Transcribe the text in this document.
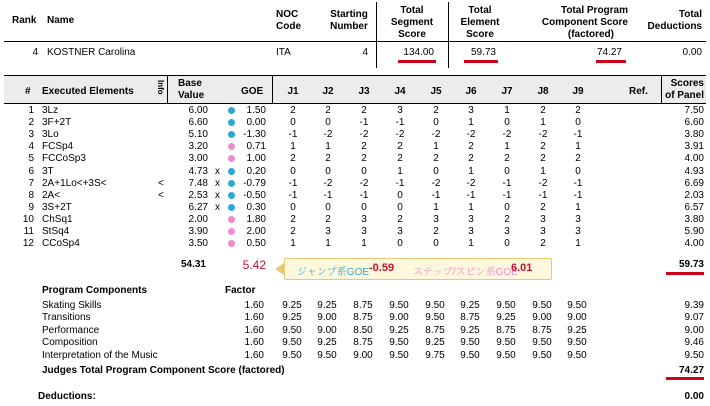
Rank Name
NOC
Code
Starting
Number
Total
Segment
Score
Total
Element
Score
Total Program
Component Score
(factored)
Total
Deductions
4 KOSTNER Carolina	ITA	4	134.00	59.73	74.27	0.00
# Executed Elements	Info Base
Value	GOE	J1	J2	J3	J4	J5	J6	J7	J8	J9	Ref.
Scores
of Panel
1 3Lz	6.00	1.50	2	2	2	3	2	3	1	2	2	7.50
2 3F+2T	6.60	0.00	0	0	-1	-1	0	1	0	1	0	6.60
3 3Lo	5.10	-1.30	-1	-2	-2	-2	-2	-2	-2	-2	-1	3.80
4 FCSp4	3.20	0.71	1	1	2	2	1	2	1	2	1	3.91
5 FCCoSp3	3.00	1.00	2	2	2	2	2	2	2	2	2	4.00
6 3T	4.73 x	0.20	0	0	0	1	0	1	0	1	0	4.93
7 2A+1Lo<+3S<	<	7.48 x	-0.79	-1	-2	-2	-1	-2	-2	-1	-2	-1	6.69
8 2A<	<	2.53 x	-0.50	-1	-1	-1	0	-1	-1	-1	-1	-1	2.03
9 3S+2T	6.27 x	0.30	0	0	0	0	1	1	0	2	1	6.57
10 ChSq1	2.00	1.80	2	2	3	2	3	3	2	3	3	3.80
11 StSq4	3.90	2.00	2	3	3	3	2	3	3	3	3	5.90
12 CCoSp4	3.50	0.50	1	1	1	0	0	1	0	2	1	4.00
54.31	5.42	59.73
ジャンプ系GOE -0.59 ステップ/スピン系GOE
6.01
Program Components	Factor
Skating Skills	1.60	9.25	9.25	8.75	9.50	9.50	9.25	9.50	9.50	9.50	9.39
Transitions	1.60	9.25	9.00	8.75	9.00	9.50	8.75	9.25	9.00	9.00	9.07
Performance	1.60	9.50	9.00	8.50	9.25	8.75	9.25	8.75	8.75	9.25	9.00
Composition	1.60	9.50	9.25	8.75	9.50	9.25	9.50	9.50	9.50	9.50	9.46
Interpretation of the Music	1.60	9.50	9.50	9.00	9.50	9.75	9.50	9.50	9.50	9.50	9.50
Judges Total Program Component Score (factored)	74.27
Deductions:	0.00
